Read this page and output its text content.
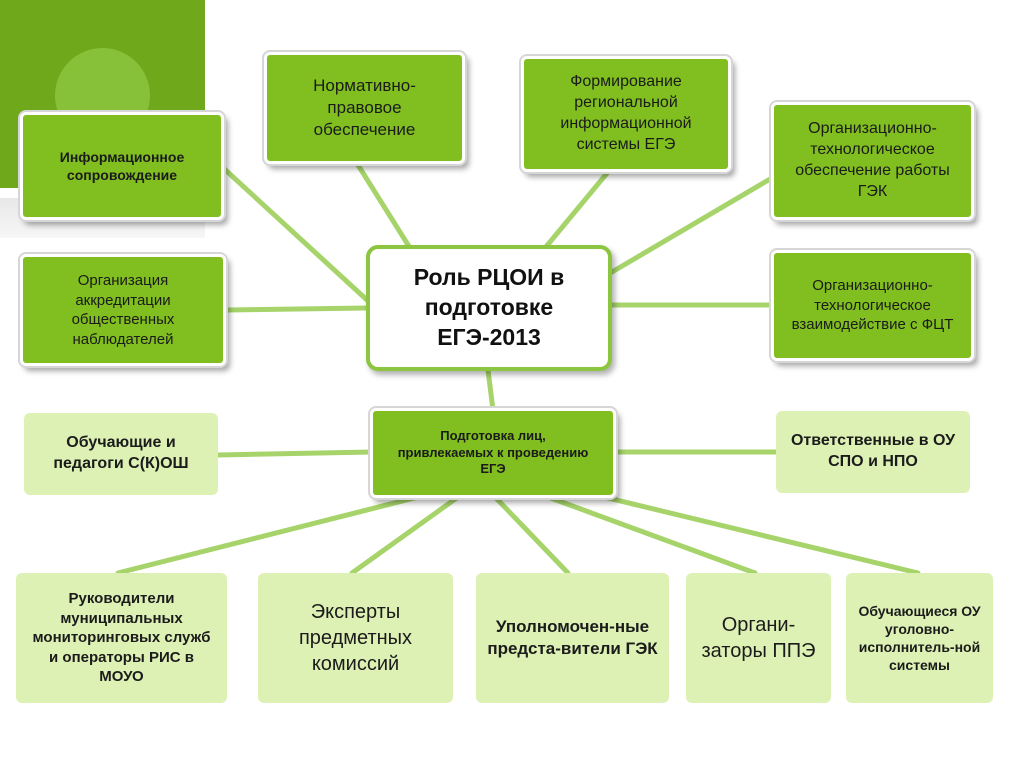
Информационное сопровождение
Нормативно-правовое обеспечение
Формирование региональной информационной системы ЕГЭ
Организационно-технологическое обеспечение работы ГЭК
Организация аккредитации общественных наблюдателей
Организационно-технологическое взаимодействие с ФЦТ
Роль РЦОИ в подготовке ЕГЭ-2013
Подготовка лиц, привлекаемых к проведению ЕГЭ
Обучающие и педагоги С(К)ОШ
Ответственные в ОУ СПО и НПО
Руководители муниципальных мониторинговых служб и операторы РИС в МОУО
Эксперты предметных комиссий
Уполномочен-ные предста-вители ГЭК
Органи-заторы ППЭ
Обучающиеся ОУ уголовно-исполнитель-ной системы
